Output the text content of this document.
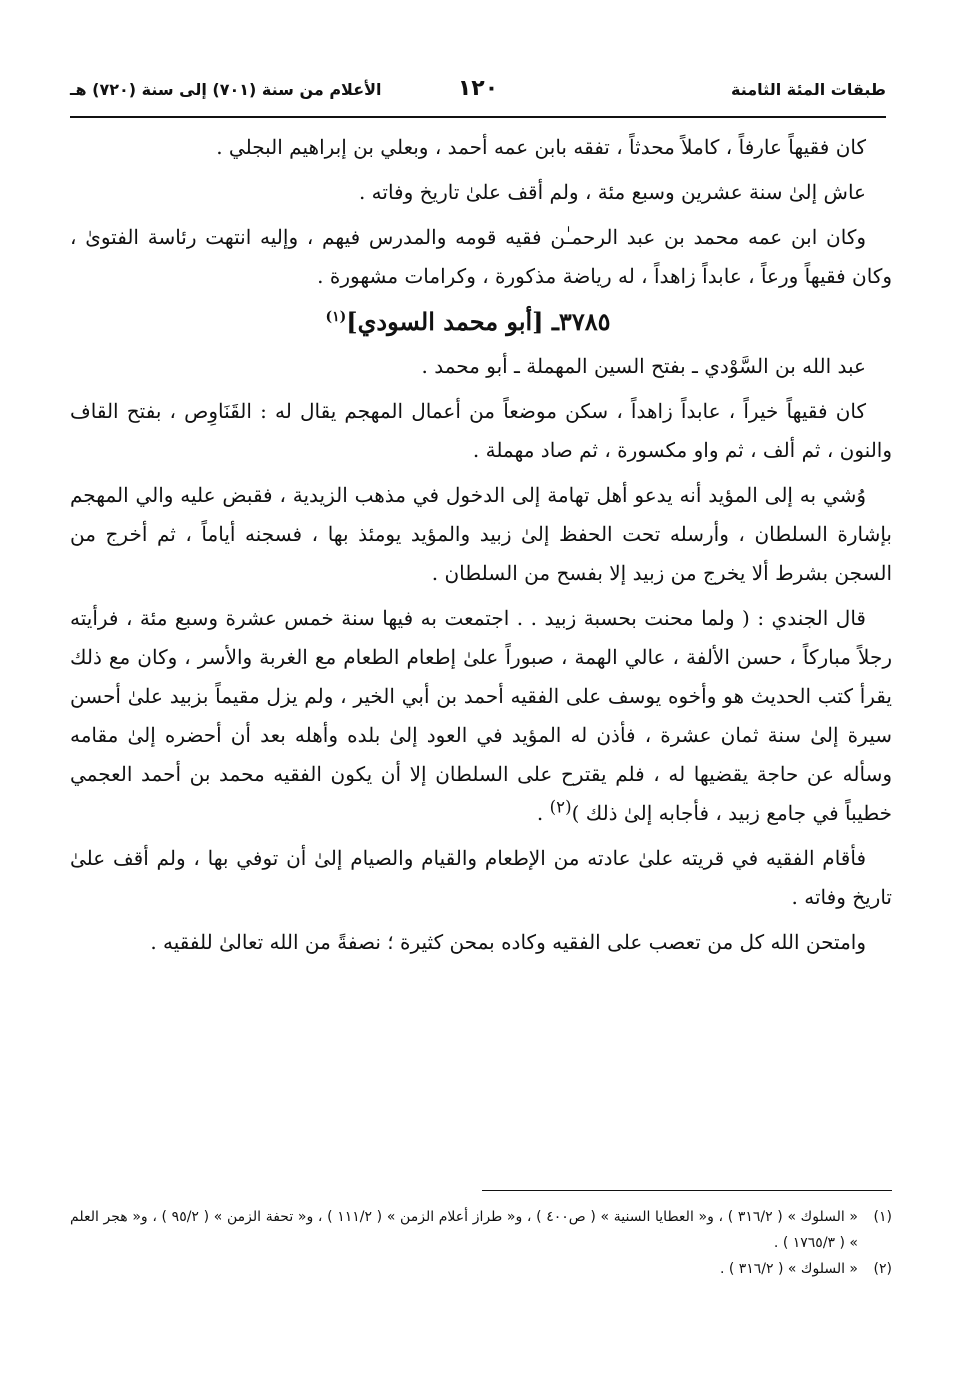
طبقات المئة الثامنة
١٢٠
الأعلام من سنة (٧٠١) إلى سنة (٧٢٠) هـ

كان فقيهاً عارفاً ، كاملاً محدثاً ، تفقه بابن عمه أحمد ، وبعلي بن إبراهيم البجلي .

عاش إلىٰ سنة عشرين وسبع مئة ، ولم أقف علىٰ تاريخ وفاته .

وكان ابن عمه محمد بن عبد الرحمـٰن فقيه قومه والمدرس فيهم ، وإليه انتهت رئاسة الفتوىٰ ، وكان فقيهاً ورعاً ، عابداً زاهداً ، له رياضة مذكورة ، وكرامات مشهورة .

٣٧٨٥ـ [أبو محمد السودي]$^{(١)}$

عبد الله بن السَّوْدي ـ بفتح السين المهملة ـ أبو محمد .

كان فقيهاً خيراً ، عابداً زاهداً ، سكن موضعاً من أعمال المهجم يقال له : القَنَاوِص ، بفتح القاف والنون ، ثم ألف ، ثم واو مكسورة ، ثم صاد مهملة .

وُشي به إلى المؤيد أنه يدعو أهل تهامة إلى الدخول في مذهب الزيدية ، فقبض عليه والي المهجم بإشارة السلطان ، وأرسله تحت الحفظ إلىٰ زبيد والمؤيد يومئذ بها ، فسجنه أياماً ، ثم أخرج من السجن بشرط ألا يخرج من زبيد إلا بفسح من السلطان .

قال الجندي : ( ولما محنت بحسبة زبيد . . اجتمعت به فيها سنة خمس عشرة وسبع مئة ، فرأيته رجلاً مباركاً ، حسن الألفة ، عالي الهمة ، صبوراً علىٰ إطعام الطعام مع الغربة والأسر ، وكان مع ذلك يقرأ كتب الحديث هو وأخوه يوسف على الفقيه أحمد بن أبي الخير ، ولم يزل مقيماً بزبيد علىٰ أحسن سيرة إلىٰ سنة ثمان عشرة ، فأذن له المؤيد في العود إلىٰ بلده وأهله بعد أن أحضره إلىٰ مقامه وسأله عن حاجة يقضيها له ، فلم يقترح على السلطان إلا أن يكون الفقيه محمد بن أحمد العجمي خطيباً في جامع زبيد ، فأجابه إلىٰ ذلك )$^{(٢)}$ .

فأقام الفقيه في قريته علىٰ عادته من الإطعام والقيام والصيام إلىٰ أن توفي بها ، ولم أقف علىٰ تاريخ وفاته .

وامتحن الله كل من تعصب على الفقيه وكاده بمحن كثيرة ؛ نصفةً من الله تعالىٰ للفقيه .

(١)
« السلوك » ( ٣١٦/٢ ) ، و« العطايا السنية » ( ص٤٠٠ ) ، و« طراز أعلام الزمن » ( ١١١/٢ ) ، و« تحفة الزمن » ( ٩٥/٢ ) ، و« هجر العلم » ( ١٧٦٥/٣ ) .
(٢)
« السلوك » ( ٣١٦/٢ ) .
